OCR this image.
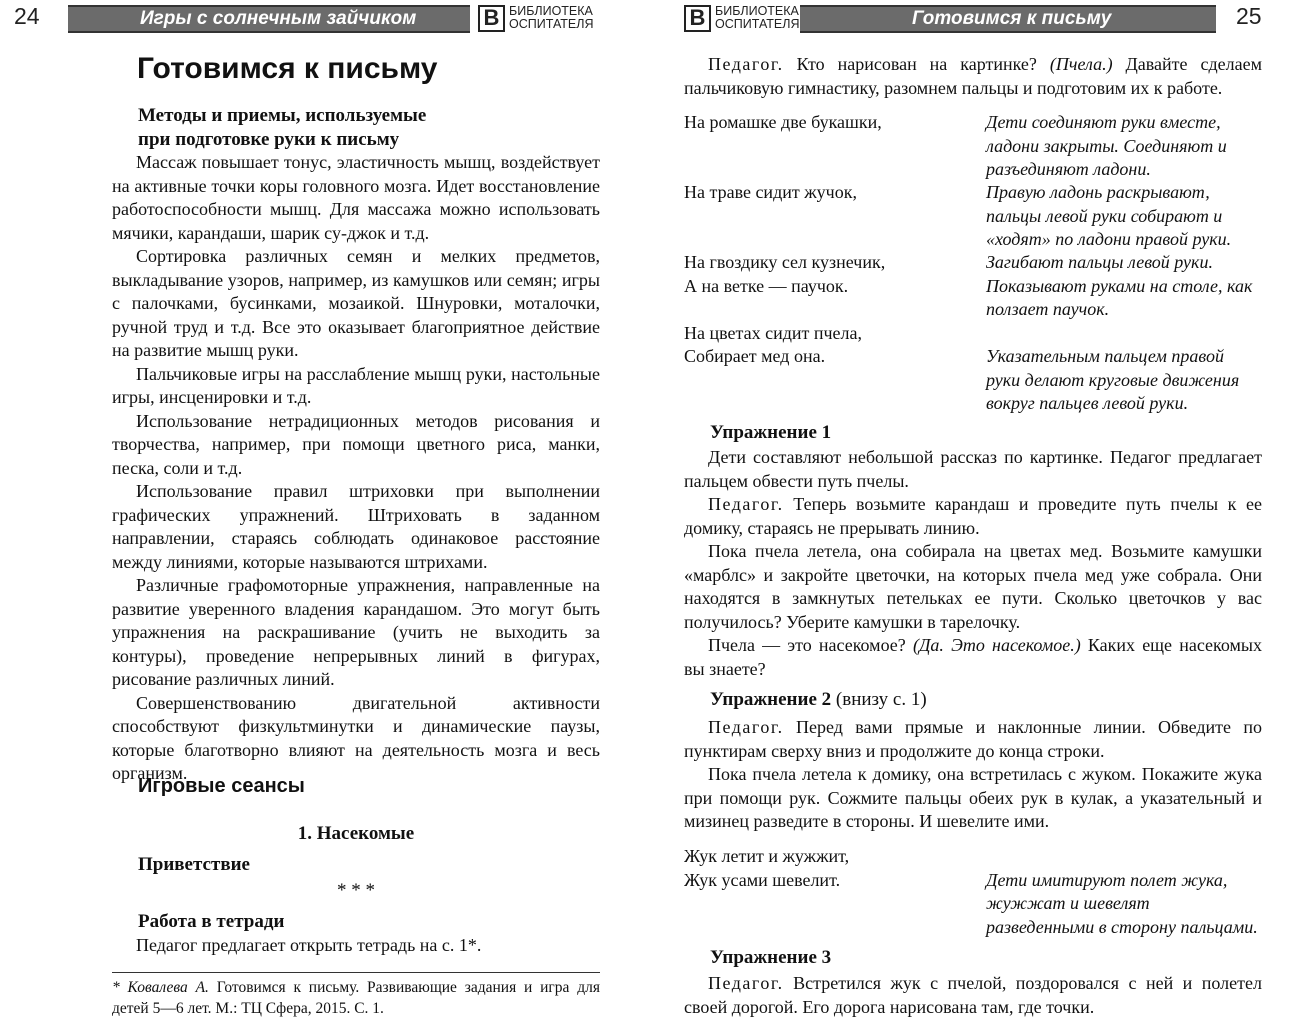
24	Игры с солнечным зайчиком	В БИБЛИОТЕКА
ОСПИТАТЕЛЯ
Готовимся к письму
Методы и приемы, используемые
при подготовке руки к письму

Массаж повышает тонус, эластичность мышц, воздействует на активные точки коры головного мозга. Идет восстановление работоспособности мышц. Для массажа можно использовать мячики, карандаши, шарик су-джок и т.д.

Сортировка различных семян и мелких предметов, выкладывание узоров, например, из камушков или семян; игры с палочками, бусинками, мозаикой. Шнуровки, моталочки, ручной труд и т.д. Все это оказывает благоприятное действие на развитие мышц руки.

Пальчиковые игры на расслабление мышц руки, настольные игры, инсценировки и т.д.

Использование нетрадиционных методов рисования и творчества, например, при помощи цветного риса, манки, песка, соли и т.д.

Использование правил штриховки при выполнении графических упражнений. Штриховать в заданном направлении, стараясь соблюдать одинаковое расстояние между линиями, которые называются штрихами.

Различные графомоторные упражнения, направленные на развитие уверенного владения карандашом. Это могут быть упражнения на раскрашивание (учить не выходить за контуры), проведение непрерывных линий в фигурах, рисование различных линий.

Совершенствованию двигательной активности способствуют физкультминутки и динамические паузы, которые благотворно влияют на деятельность мозга и весь организм.

Игровые сеансы
1. Насекомые
Приветствие
* * *
Работа в тетради

Педагог предлагает открыть тетрадь на с. 1*.

* Ковалева А. Готовимся к письму. Развивающие задания и игра для детей 5—6 лет. М.: ТЦ Сфера, 2015. С. 1.
В БИБЛИОТЕКА
ОСПИТАТЕЛЯ	Готовимся к письму	25

Педагог. Кто нарисован на картинке? (Пчела.) Давайте сделаем пальчиковую гимнастику, разомнем пальцы и подготовим их к работе.

На ромашке две букашки,	Дети соединяют руки вместе, ладони закрыты. Соединяют и разъединяют ладони.
На траве сидит жучок,	Правую ладонь раскрывают, пальцы левой руки собирают и «ходят» по ладони правой руки.
На гвоздику сел кузнечик,	Загибают пальцы левой руки.
А на ветке — паучок.	Показывают руками на столе, как ползает паучок.
На цветах сидит пчела,
Собирает мед она.	Указательным пальцем правой руки делают круговые движения вокруг пальцев левой руки.
Упражнение 1

Дети составляют небольшой рассказ по картинке. Педагог предлагает пальцем обвести путь пчелы.

Педагог. Теперь возьмите карандаш и проведите путь пчелы к ее домику, стараясь не прерывать линию.

Пока пчела летела, она собирала на цветах мед. Возьмите камушки «марблс» и закройте цветочки, на которых пчела мед уже собрала. Они находятся в замкнутых петельках ее пути. Сколько цветочков у вас получилось? Уберите камушки в тарелочку.

Пчела — это насекомое? (Да. Это насекомое.) Каких еще насекомых вы знаете?

Упражнение 2 (внизу с. 1)

Педагог. Перед вами прямые и наклонные линии. Обведите по пунктирам сверху вниз и продолжите до конца строки.

Пока пчела летела к домику, она встретилась с жуком. Покажите жука при помощи рук. Сожмите пальцы обеих рук в кулак, а указательный и мизинец разведите в стороны. И шевелите ими.

Жук летит и жужжит,
Жук усами шевелит.	Дети имитируют полет жука, жужжат и шевелят разведенными в сторону пальцами.
Упражнение 3

Педагог. Встретился жук с пчелой, поздоровался с ней и полетел своей дорогой. Его дорога нарисована там, где точки.
